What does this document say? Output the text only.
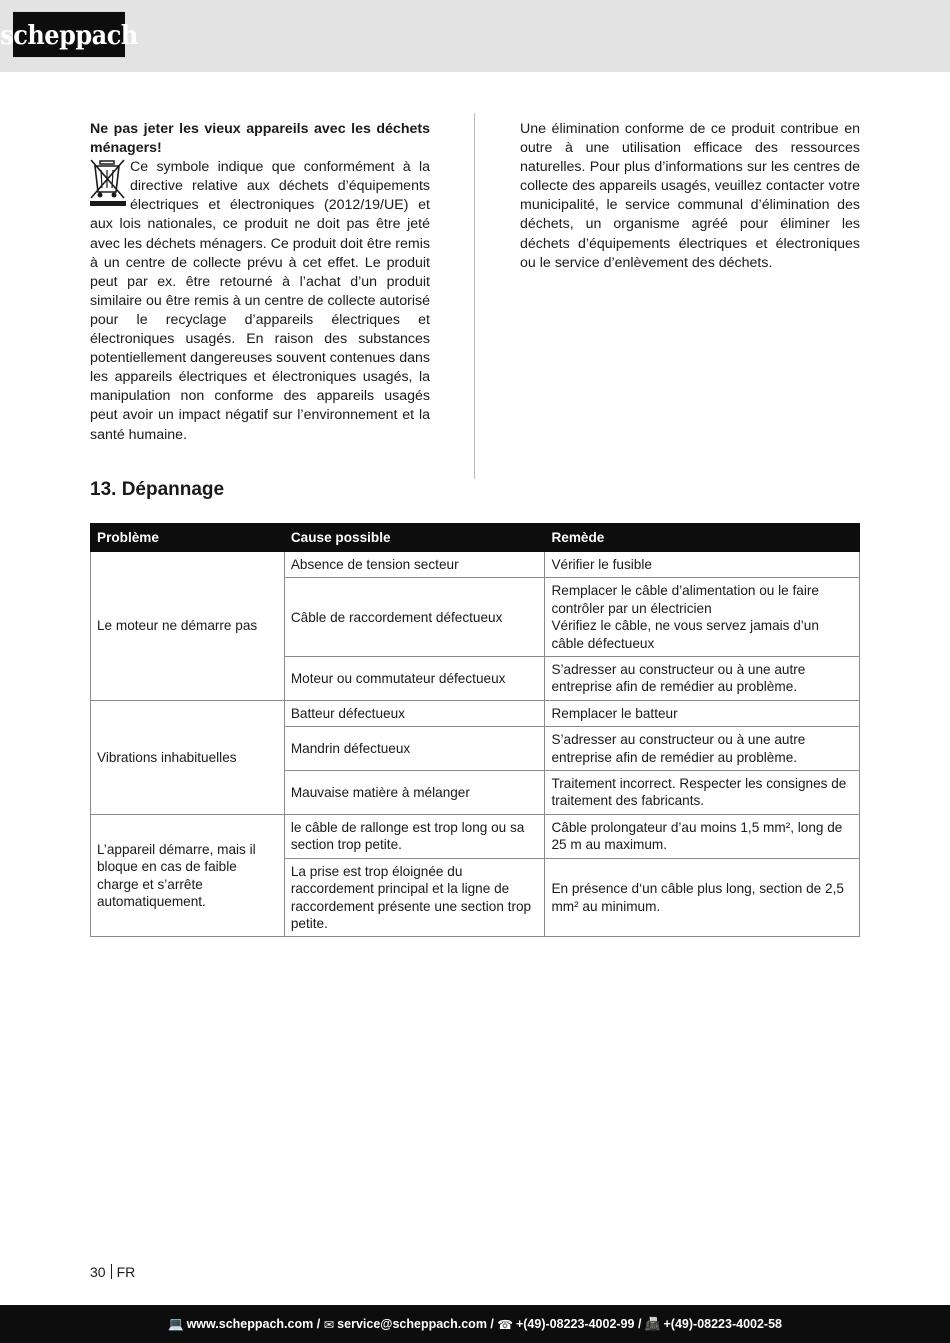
scheppach
Ne pas jeter les vieux appareils avec les déchets ménagers!
Ce symbole indique que conformément à la directive relative aux déchets d’équipements électriques et électroniques (2012/19/UE) et aux lois nationales, ce produit ne doit pas être jeté avec les déchets ménagers. Ce produit doit être remis à un centre de collecte prévu à cet effet. Le produit peut par ex. être retourné à l’achat d’un produit similaire ou être remis à un centre de collecte autorisé pour le recyclage d’appareils électriques et électroniques usagés. En raison des substances potentiellement dangereuses souvent contenues dans les appareils électriques et électroniques usagés, la manipulation non conforme des appareils usagés peut avoir un impact négatif sur l’environnement et la santé humaine.
Une élimination conforme de ce produit contribue en outre à une utilisation efficace des ressources naturelles. Pour plus d’informations sur les centres de collecte des appareils usagés, veuillez contacter votre municipalité, le service communal d’élimination des déchets, un organisme agréé pour éliminer les déchets d’équipements électriques et électroniques ou le service d’enlèvement des déchets.
13. Dépannage
Problème	Cause possible	Remède
Le moteur ne démarre pas	Absence de tension secteur	Vérifier le fusible
	Câble de raccordement défectueux	Remplacer le câble d’alimentation ou le faire contrôler par un électricien
Vérifiez le câble, ne vous servez jamais d’un câble défectueux
	Moteur ou commutateur défectueux	S’adresser au constructeur ou à une autre entreprise afin de remédier au problème.
Vibrations inhabituelles	Batteur défectueux	Remplacer le batteur
	Mandrin défectueux	S’adresser au constructeur ou à une autre entreprise afin de remédier au problème.
	Mauvaise matière à mélanger	Traitement incorrect. Respecter les consignes de traitement des fabricants.
L’appareil démarre, mais il bloque en cas de faible charge et s’arrête automatiquement.	le câble de rallonge est trop long ou sa section trop petite.	Câble prolongateur d’au moins 1,5 mm², long de 25 m au maximum.
	La prise est trop éloignée du raccordement principal et la ligne de raccordement présente une section trop petite.	En présence d‘un câble plus long, section de 2,5 mm² au minimum.
30 FR
💻 www.scheppach.com
/
✉ service@scheppach.com
/
☎ +(49)-08223-4002-99
/
📠 +(49)-08223-4002-58
